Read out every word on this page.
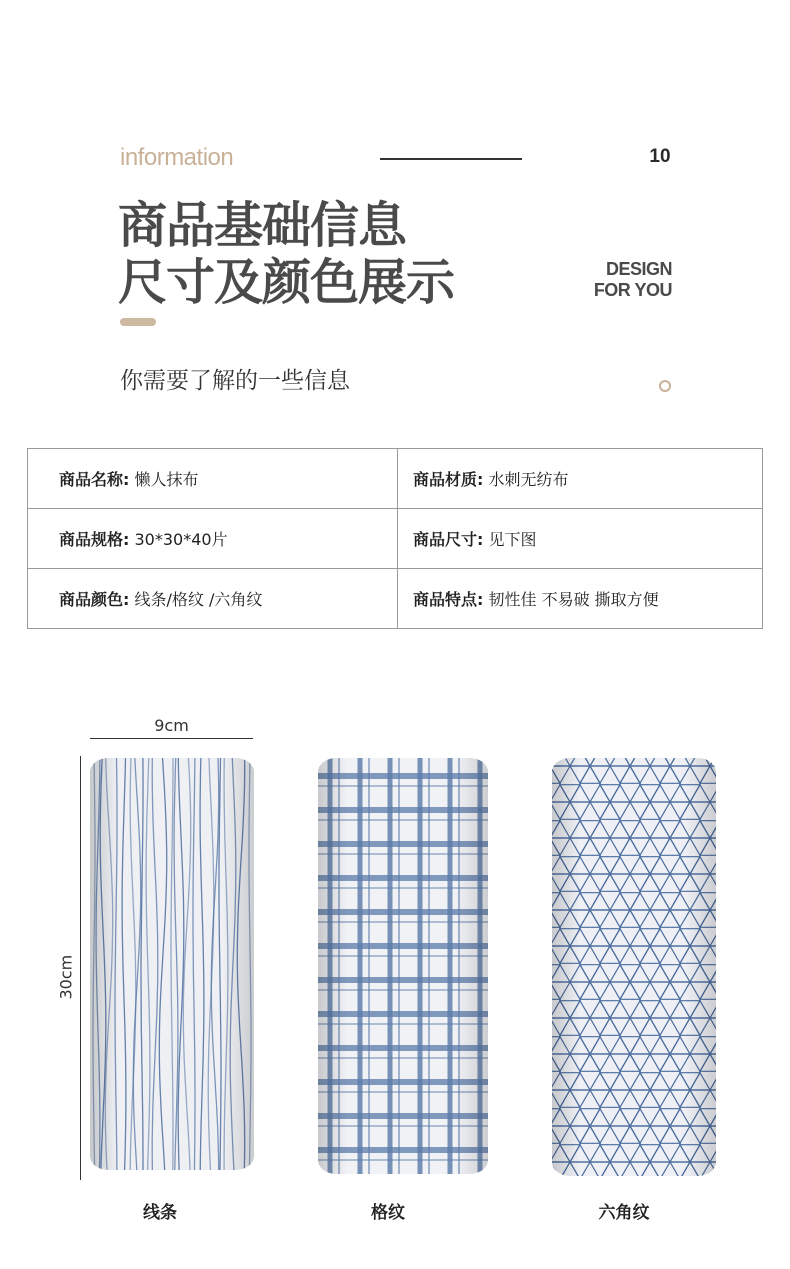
information	10
商品基础信息
尺寸及颜色展示	DESIGN
FOR YOU
你需要了解的一些信息
商品名称: 懒人抹布	商品材质: 水刺无纺布
商品规格: 30*30*40片	商品尺寸: 见下图
商品颜色: 线条/格纹 /六角纹	商品特点: 韧性佳 不易破 撕取方便
9cm
30cm
线条	格纹	六角纹
